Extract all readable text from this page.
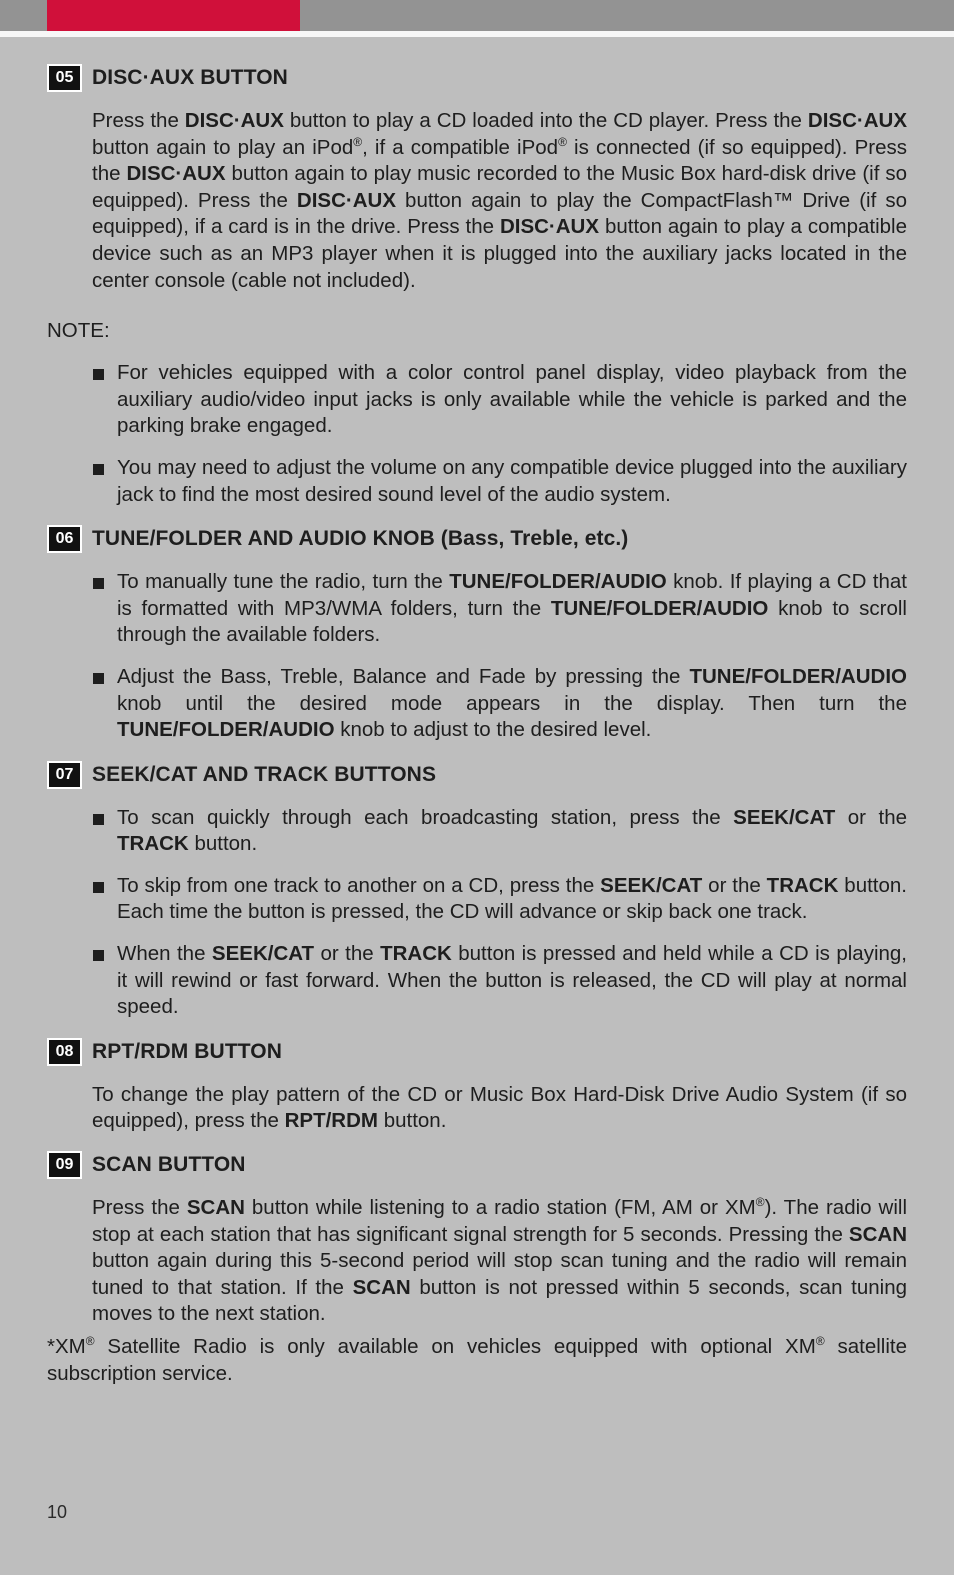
05 DISC·AUX BUTTON

Press the DISC·AUX button to play a CD loaded into the CD player. Press the DISC·AUX button again to play an iPod®, if a compatible iPod® is connected (if so equipped). Press the DISC·AUX button again to play music recorded to the Music Box hard-disk drive (if so equipped). Press the DISC·AUX button again to play the CompactFlash™ Drive (if so equipped), if a card is in the drive. Press the DISC·AUX button again to play a compatible device such as an MP3 player when it is plugged into the auxiliary jacks located in the center console (cable not included).

NOTE:

For vehicles equipped with a color control panel display, video playback from the auxiliary audio/video input jacks is only available while the vehicle is parked and the parking brake engaged.
You may need to adjust the volume on any compatible device plugged into the auxiliary jack to find the most desired sound level of the audio system.
06 TUNE/FOLDER AND AUDIO KNOB (Bass, Treble, etc.)
To manually tune the radio, turn the TUNE/FOLDER/AUDIO knob. If playing a CD that is formatted with MP3/WMA folders, turn the TUNE/FOLDER/AUDIO knob to scroll through the available folders.
Adjust the Bass, Treble, Balance and Fade by pressing the TUNE/FOLDER/AUDIO knob until the desired mode appears in the display. Then turn the TUNE/FOLDER/AUDIO knob to adjust to the desired level.
07 SEEK/CAT AND TRACK BUTTONS
To scan quickly through each broadcasting station, press the SEEK/CAT or the TRACK button.
To skip from one track to another on a CD, press the SEEK/CAT or the TRACK button. Each time the button is pressed, the CD will advance or skip back one track.
When the SEEK/CAT or the TRACK button is pressed and held while a CD is playing, it will rewind or fast forward. When the button is released, the CD will play at normal speed.
08 RPT/RDM BUTTON

To change the play pattern of the CD or Music Box Hard-Disk Drive Audio System (if so equipped), press the RPT/RDM button.

09 SCAN BUTTON

Press the SCAN button while listening to a radio station (FM, AM or XM®). The radio will stop at each station that has significant signal strength for 5 seconds. Pressing the SCAN button again during this 5-second period will stop scan tuning and the radio will remain tuned to that station. If the SCAN button is not pressed within 5 seconds, scan tuning moves to the next station.

*XM® Satellite Radio is only available on vehicles equipped with optional XM® satellite subscription service.

10
